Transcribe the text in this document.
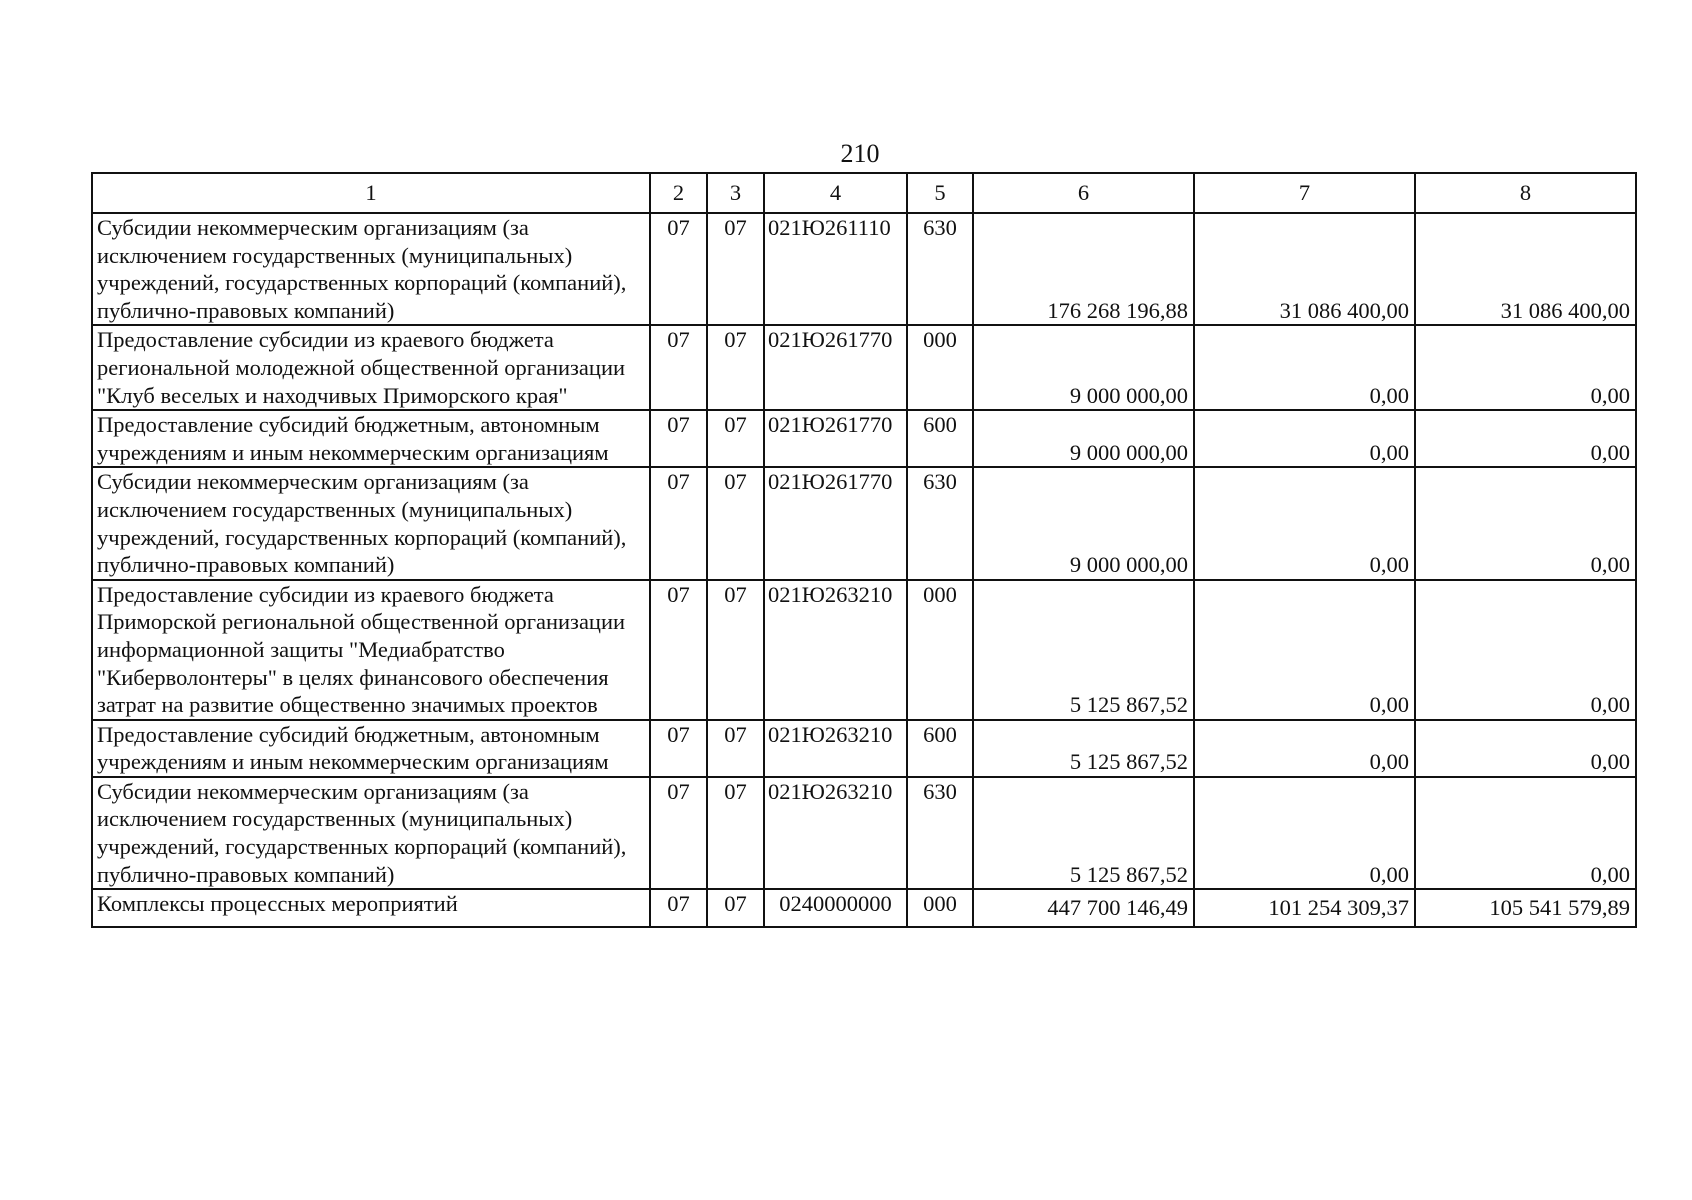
210
1	2	3	4	5	6	7	8
Субсидии некоммерческим организациям (за исключением государственных (муниципальных) учреждений, государственных корпораций (компаний), публично-правовых компаний)	07	07	021Ю261110	630	176 268 196,88	31 086 400,00	31 086 400,00
Предоставление субсидии из краевого бюджета региональной молодежной общественной организации "Клуб веселых и находчивых Приморского края"	07	07	021Ю261770	000	9 000 000,00	0,00	0,00
Предоставление субсидий бюджетным, автономным учреждениям и иным некоммерческим организациям	07	07	021Ю261770	600	9 000 000,00	0,00	0,00
Субсидии некоммерческим организациям (за исключением государственных (муниципальных) учреждений, государственных корпораций (компаний), публично-правовых компаний)	07	07	021Ю261770	630	9 000 000,00	0,00	0,00
Предоставление субсидии из краевого бюджета Приморской региональной общественной организации информационной защиты "Медиабратство "Киберволонтеры" в целях финансового обеспечения затрат на развитие общественно значимых проектов	07	07	021Ю263210	000	5 125 867,52	0,00	0,00
Предоставление субсидий бюджетным, автономным учреждениям и иным некоммерческим организациям	07	07	021Ю263210	600	5 125 867,52	0,00	0,00
Субсидии некоммерческим организациям (за исключением государственных (муниципальных) учреждений, государственных корпораций (компаний), публично-правовых компаний)	07	07	021Ю263210	630	5 125 867,52	0,00	0,00
Комплексы процессных мероприятий	07	07	0240000000	000	447 700 146,49	101 254 309,37	105 541 579,89
